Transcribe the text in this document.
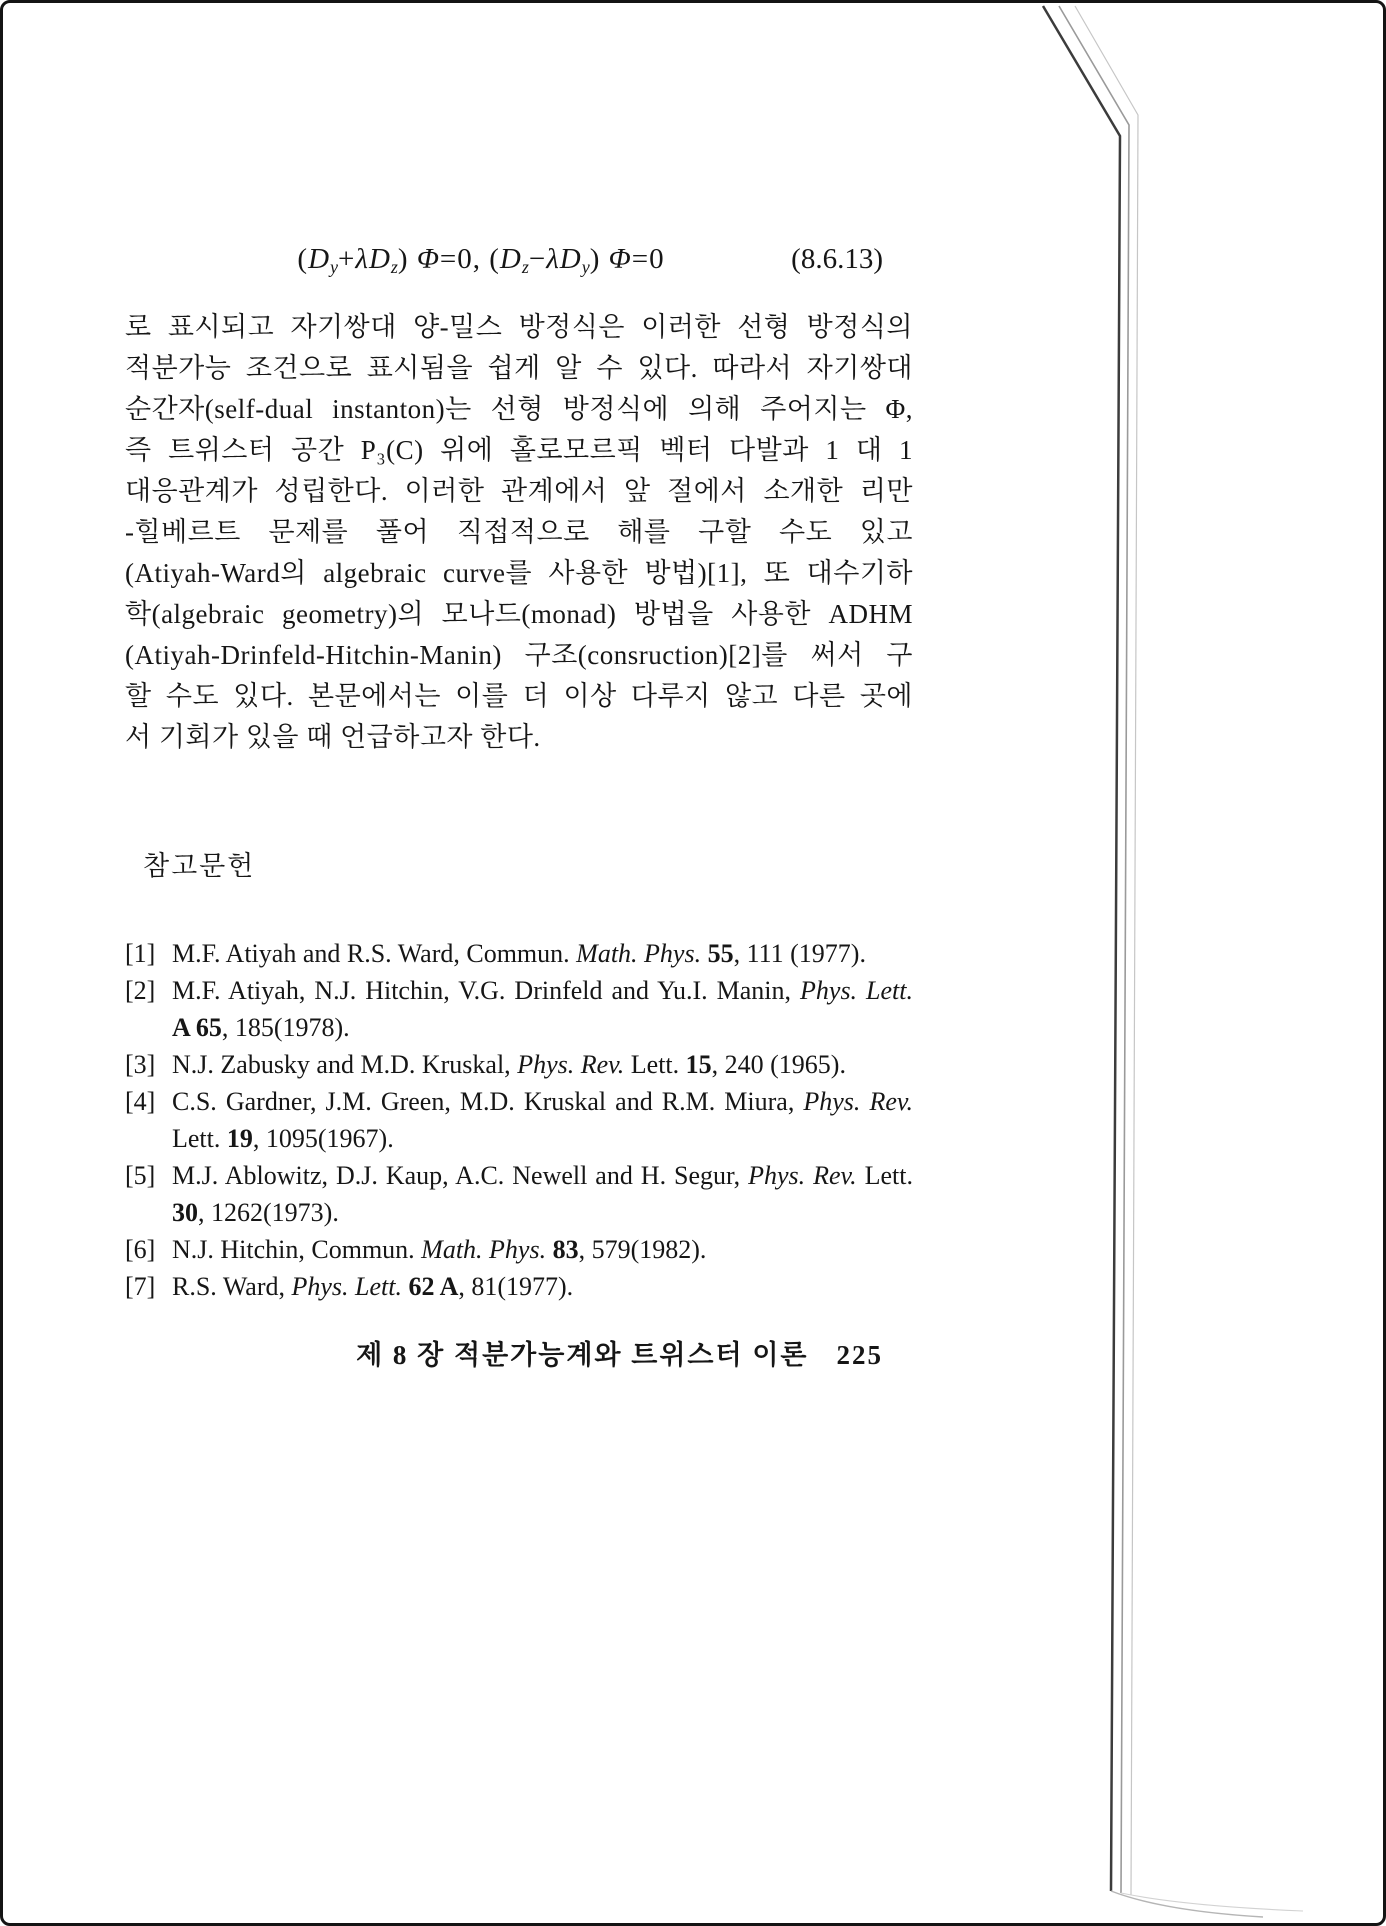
(Dy+λDz) Φ=0, (Dz−λDy) Φ=0	(8.6.13)
로 표시되고 자기쌍대 양-밀스 방정식은 이러한 선형 방정식의
적분가능 조건으로 표시됨을 쉽게 알 수 있다. 따라서 자기쌍대
순간자(self-dual instanton)는 선형 방정식에 의해 주어지는 Φ,
즉 트위스터 공간 P₃(C) 위에 홀로모르픽 벡터 다발과 1 대 1
대응관계가 성립한다. 이러한 관계에서 앞 절에서 소개한 리만
-힐베르트 문제를 풀어 직접적으로 해를 구할 수도 있고
(Atiyah-Ward의 algebraic curve를 사용한 방법)[1], 또 대수기하
학(algebraic geometry)의 모나드(monad) 방법을 사용한 ADHM
(Atiyah-Drinfeld-Hitchin-Manin) 구조(consruction)[2]를 써서 구
할 수도 있다. 본문에서는 이를 더 이상 다루지 않고 다른 곳에
서 기회가 있을 때 언급하고자 한다.
참고문헌
[1] M.F. Atiyah and R.S. Ward, Commun. Math. Phys. 55, 111 (1977).
[2] M.F. Atiyah, N.J. Hitchin, V.G. Drinfeld and Yu.I. Manin, Phys. Lett. A 65, 185(1978).
[3] N.J. Zabusky and M.D. Kruskal, Phys. Rev. Lett. 15, 240 (1965).
[4] C.S. Gardner, J.M. Green, M.D. Kruskal and R.M. Miura, Phys. Rev. Lett. 19, 1095(1967).
[5] M.J. Ablowitz, D.J. Kaup, A.C. Newell and H. Segur, Phys. Rev. Lett. 30, 1262(1973).
[6] N.J. Hitchin, Commun. Math. Phys. 83, 579(1982).
[7] R.S. Ward, Phys. Lett. 62 A, 81(1977).
제 8 장 적분가능계와 트위스터 이론 225
